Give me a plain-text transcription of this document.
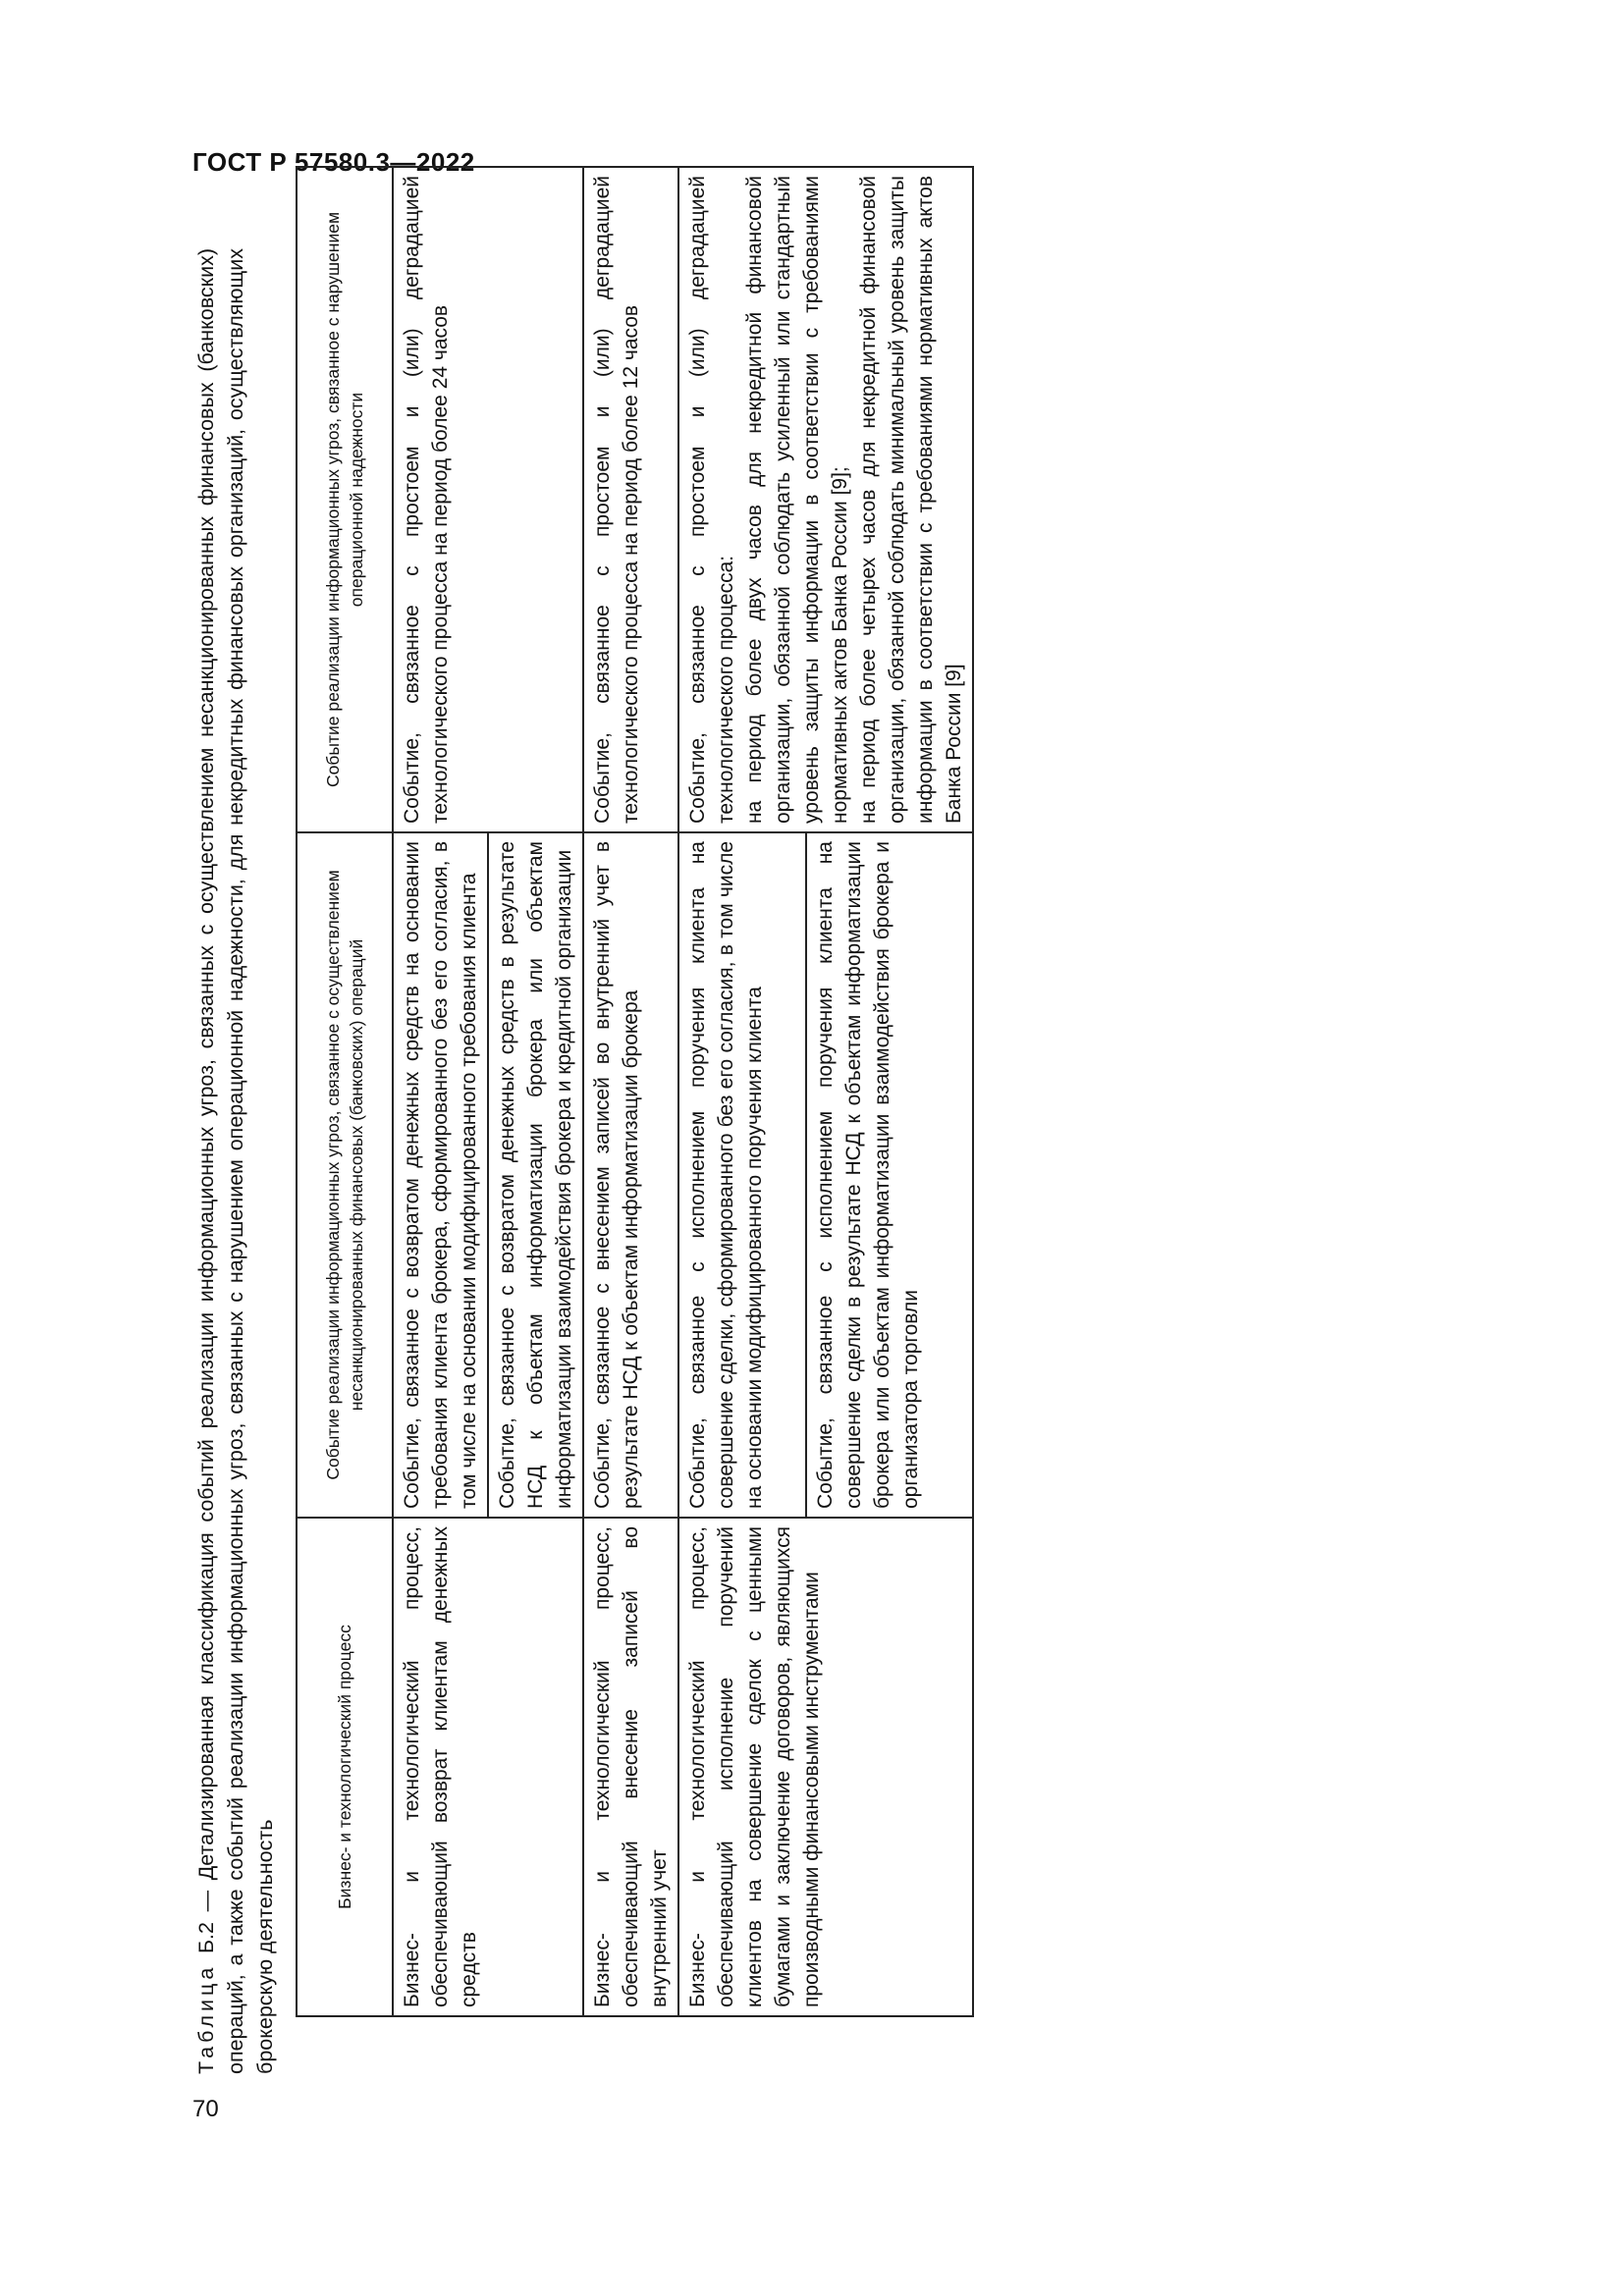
ГОСТ Р 57580.3—2022
70

Таблица Б.2 — Детализированная классификация событий реализации информационных угроз, связанных с осуществлением несанкционированных финансовых (банковских) операций, а также событий реализации информационных угроз, связанных с нарушением операционной надежности, для некредитных финансовых организаций, осуществляющих брокерскую деятельность

Бизнес- и технологический процесс	Событие реализации информационных угроз, связанное с осуществлением несанкционированных финансовых (банковских) операций	Событие реализации информационных угроз, связанное с нарушением операционной надежности
Бизнес- и технологический процесс, обеспечивающий возврат клиентам денежных средств	Событие, связанное с возвратом денежных средств на основании требования клиента брокера, сформированного без его согласия, в том числе на основании модифицированного требования клиента	Событие, связанное с простоем и (или) деградацией технологического процесса на период более 24 часов
	Событие, связанное с возвратом денежных средств в результате НСД к объектам информатизации брокера или объектам информатизации взаимодействия брокера и кредитной организации	
Бизнес- и технологический процесс, обеспечивающий внесение записей во внутренний учет	Событие, связанное с внесением записей во внутренний учет в результате НСД к объектам информатизации брокера	Событие, связанное с простоем и (или) деградацией технологического процесса на период более 12 часов
Бизнес- и технологический процесс, обеспечивающий исполнение поручений клиентов на совершение сделок с ценными бумагами и заключение договоров, являющихся производными финансовыми инструментами	Событие, связанное с исполнением поручения клиента на совершение сделки, сформированного без его согласия, в том числе на основании модифицированного поручения клиента	Событие, связанное с простоем и (или) деградацией технологического процесса: на период более двух часов для некредитной финансовой организации, обязанной соблюдать усиленный или стандартный уровень защиты информации в соответствии с требованиями нормативных актов Банка России [9]; на период более четырех часов для некредитной финансовой организации, обязанной соблюдать минимальный уровень защиты информации в соответствии с требованиями нормативных актов Банка России [9]

	Событие, связанное с исполнением поручения клиента на совершение сделки в результате НСД к объектам информатизации брокера или объектам информатизации взаимодействия брокера и организатора торговли	
